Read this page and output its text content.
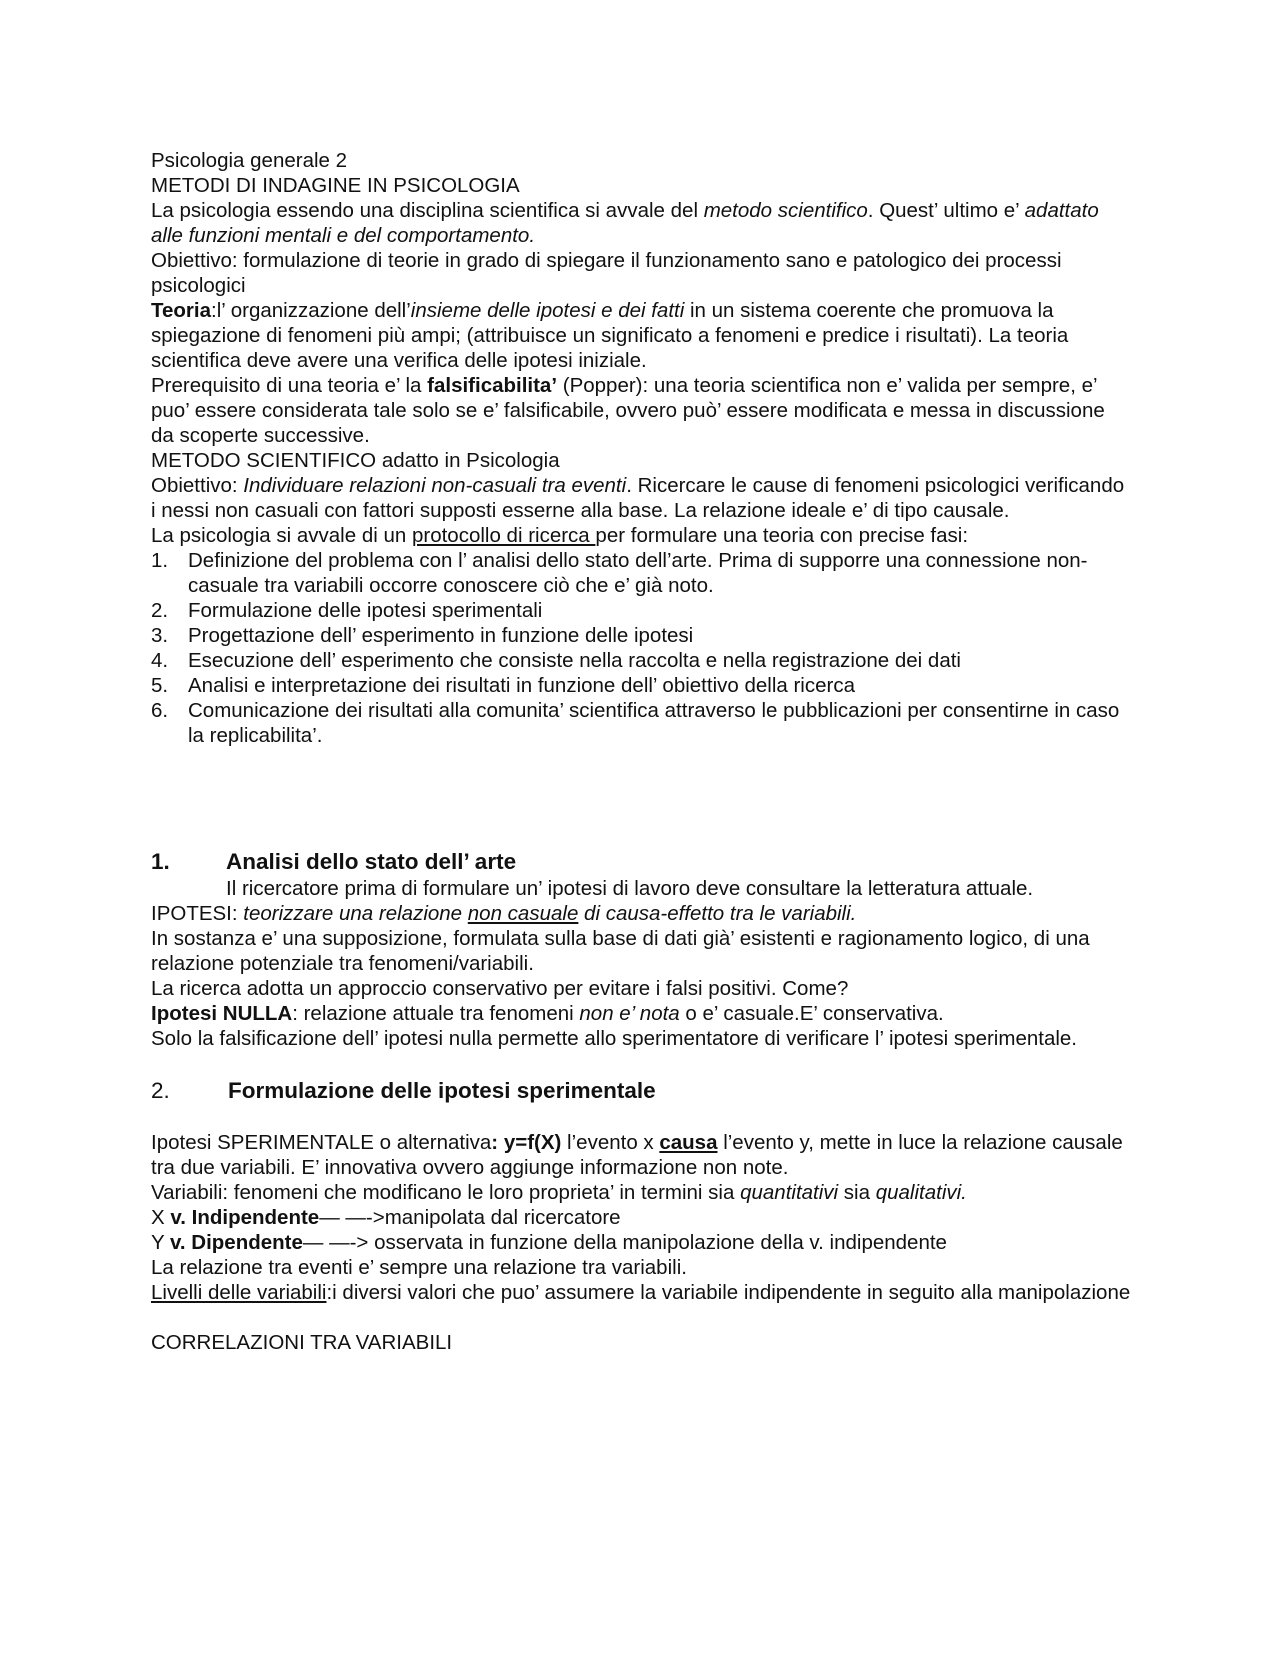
Psicologia generale 2
METODI DI INDAGINE IN PSICOLOGIA
La psicologia essendo una disciplina scientifica si avvale del metodo scientifico. Quest’ ultimo e’ adattato alle funzioni mentali e del comportamento.
Obiettivo: formulazione di teorie in grado di spiegare il funzionamento sano e patologico dei processi psicologici
Teoria:l’ organizzazione dell’insieme delle ipotesi e dei fatti in un sistema coerente che promuova la spiegazione di fenomeni più ampi; (attribuisce un significato a fenomeni e predice i risultati). La teoria scientifica deve avere una verifica delle ipotesi iniziale.
Prerequisito di una teoria e’ la falsificabilita’ (Popper): una teoria scientifica non e’ valida per sempre, e’ puo’ essere considerata tale solo se e’ falsificabile, ovvero può’ essere modificata e messa in discussione da scoperte successive.
METODO SCIENTIFICO adatto in Psicologia
Obiettivo: Individuare relazioni non-casuali tra eventi. Ricercare le cause di fenomeni psicologici verificando i nessi non casuali con fattori supposti esserne alla base. La relazione ideale e’ di tipo causale.
La psicologia si avvale di un protocollo di ricerca per formulare una teoria con precise fasi:
1. Definizione del problema con l’ analisi dello stato dell’arte. Prima di supporre una connessione non-casuale tra variabili occorre conoscere ciò che e’ già noto.
2. Formulazione delle ipotesi sperimentali
3. Progettazione dell’ esperimento in funzione delle ipotesi
4. Esecuzione dell’ esperimento che consiste nella raccolta e nella registrazione dei dati
5. Analisi e interpretazione dei risultati in funzione dell’ obiettivo della ricerca
6. Comunicazione dei risultati alla comunita’ scientifica attraverso le pubblicazioni per consentirne in caso la replicabilita’.
1. Analisi dello stato dell’ arte
Il ricercatore prima di formulare un’ ipotesi di lavoro deve consultare la letteratura attuale.
IPOTESI: teorizzare una relazione non casuale di causa-effetto tra le variabili.
In sostanza e’ una supposizione, formulata sulla base di dati già’ esistenti e ragionamento logico, di una relazione potenziale tra fenomeni/variabili.
La ricerca adotta un approccio conservativo per evitare i falsi positivi. Come?
Ipotesi NULLA: relazione attuale tra fenomeni non e’ nota o e’ casuale.E’ conservativa.
Solo la falsificazione dell’ ipotesi nulla permette allo sperimentatore di verificare l’ ipotesi sperimentale.
2.	Formulazione delle ipotesi sperimentale
Ipotesi SPERIMENTALE o alternativa: y=f(X) l’evento x causa l’evento y, mette in luce la relazione causale tra due variabili. E’ innovativa ovvero aggiunge informazione non note.
Variabili: fenomeni che modificano le loro proprieta’ in termini sia quantitativi sia qualitativi.
X v. Indipendente— —->manipolata dal ricercatore
Y v. Dipendente— —-> osservata in funzione della manipolazione della v. indipendente
La relazione tra eventi e’ sempre una relazione tra variabili.
Livelli delle variabili:i diversi valori che puo’ assumere la variabile indipendente in seguito alla manipolazione
CORRELAZIONI TRA VARIABILI
